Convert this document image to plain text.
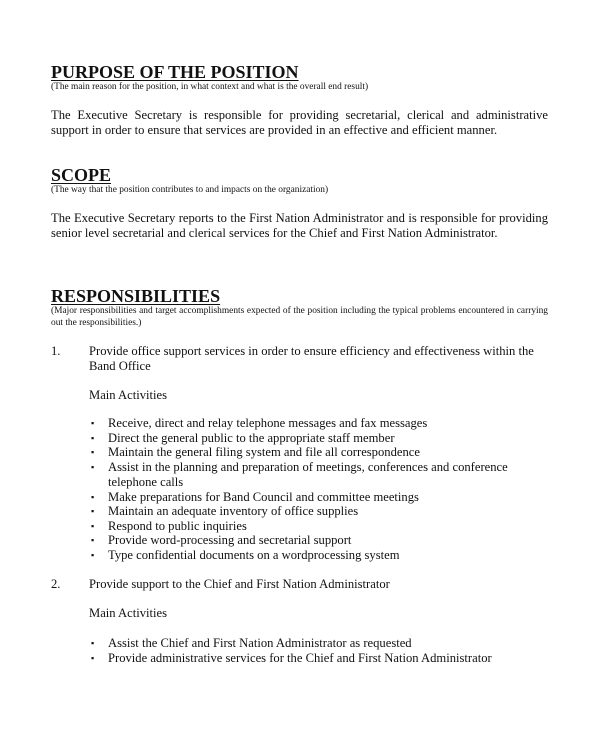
PURPOSE OF THE POSITION
(The main reason for the position, in what context and what is the overall end result)
The Executive Secretary is responsible for providing secretarial, clerical and administrative support in order to ensure that services are provided in an effective and efficient manner.
SCOPE
(The way that the position contributes to and impacts on the organization)
The Executive Secretary reports to the First Nation Administrator and is responsible for providing senior level secretarial and clerical services for the Chief and First Nation Administrator.
RESPONSIBILITIES
(Major responsibilities and target accomplishments expected of the position including the typical problems encountered in carrying out the responsibilities.)
1. Provide office support services in order to ensure efficiency and effectiveness within the
Band Office
Main Activities
▪ Receive, direct and relay telephone messages and fax messages
▪ Direct the general public to the appropriate staff member
▪ Maintain the general filing system and file all correspondence
▪ Assist in the planning and preparation of meetings, conferences and conference
telephone calls
▪ Make preparations for Band Council and committee meetings
▪ Maintain an adequate inventory of office supplies
▪ Respond to public inquiries
▪ Provide word-processing and secretarial support
▪ Type confidential documents on a wordprocessing system
2. Provide support to the Chief and First Nation Administrator
Main Activities
▪ Assist the Chief and First Nation Administrator as requested
▪ Provide administrative services for the Chief and First Nation Administrator
